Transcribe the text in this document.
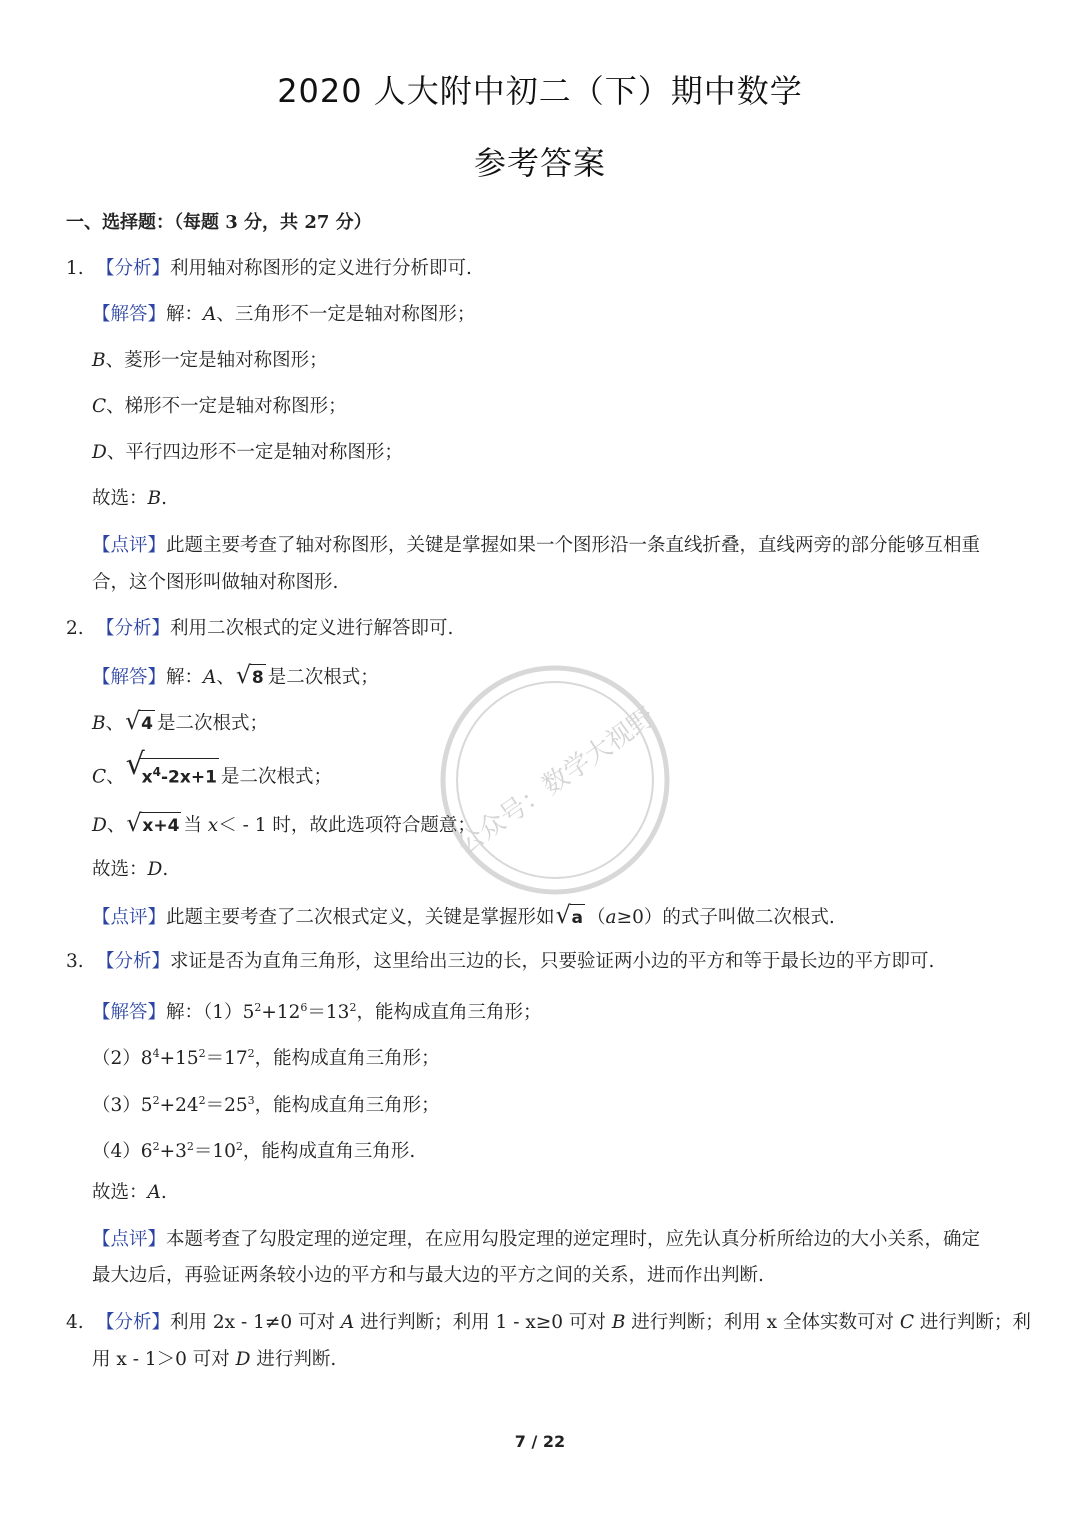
2020 人大附中初二（下）期中数学
参考答案
一、选择题：（每题 3 分，共 27 分）
1. 【分析】利用轴对称图形的定义进行分析即可.
【解答】解：A、三角形不一定是轴对称图形；
B、菱形一定是轴对称图形；
C、梯形不一定是轴对称图形；
D、平行四边形不一定是轴对称图形；
故选：B.
【点评】此题主要考查了轴对称图形，关键是掌握如果一个图形沿一条直线折叠，直线两旁的部分能够互相重
合，这个图形叫做轴对称图形.
2. 【分析】利用二次根式的定义进行解答即可.
【解答】解：A、 √ 8 是二次根式；
B、 √ 4 是二次根式；
C、 √ $x^4-2x+1$ 是二次根式；
D、 √ x+4 当 x＜ - 1 时，故此选项符合题意；
故选：D.
【点评】此题主要考查了二次根式定义，关键是掌握形如 √ a （a≥0）的式子叫做二次根式.
3. 【分析】求证是否为直角三角形，这里给出三边的长，只要验证两小边的平方和等于最长边的平方即可.
【解答】解：$(1)5^2+12^6=13^2$，能构成直角三角形；
$(2)8^4+15^2=17^2$，能构成直角三角形；
$(3)5^2+24^2=25^3$，能构成直角三角形；
$(4)6^2+3^2=10^2$，能构成直角三角形.
故选：A.
【点评】本题考查了勾股定理的逆定理，在应用勾股定理的逆定理时，应先认真分析所给边的大小关系，确定
最大边后，再验证两条较小边的平方和与最大边的平方之间的关系，进而作出判断.
4. 【分析】利用 2x - 1≠0 可对 A 进行判断；利用 1 - x≥0 可对 B 进行判断；利用 x 全体实数可对 C 进行判断；利
用 x - 1＞0 可对 D 进行判断.
公众号：数学大视野
7 / 22
